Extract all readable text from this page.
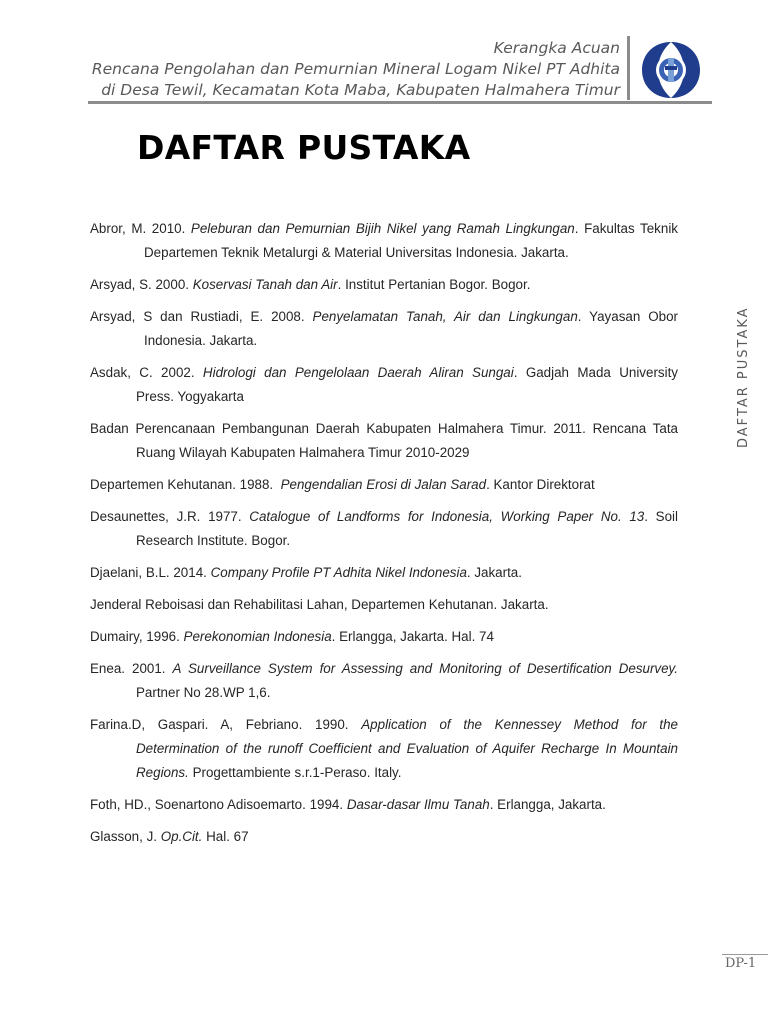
Kerangka Acuan
Rencana Pengolahan dan Pemurnian Mineral Logam Nikel PT Adhita
di Desa Tewil, Kecamatan Kota Maba, Kabupaten Halmahera Timur
DAFTAR PUSTAKA
DAFTAR PUSTAKA

Abror, M. 2010. Peleburan dan Pemurnian Bijih Nikel yang Ramah Lingkungan. Fakultas Teknik
Departemen Teknik Metalurgi & Material Universitas Indonesia. Jakarta.

Arsyad, S. 2000. Koservasi Tanah dan Air. Institut Pertanian Bogor. Bogor.

Arsyad, S dan Rustiadi, E. 2008. Penyelamatan Tanah, Air dan Lingkungan. Yayasan Obor
Indonesia. Jakarta.

Asdak, C. 2002. Hidrologi dan Pengelolaan Daerah Aliran Sungai. Gadjah Mada University
Press. Yogyakarta

Badan Perencanaan Pembangunan Daerah Kabupaten Halmahera Timur. 2011. Rencana Tata
Ruang Wilayah Kabupaten Halmahera Timur 2010-2029

Departemen Kehutanan. 1988.  Pengendalian Erosi di Jalan Sarad. Kantor Direktorat

Desaunettes, J.R. 1977. Catalogue of Landforms for Indonesia, Working Paper No. 13. Soil
Research Institute. Bogor.

Djaelani, B.L. 2014. Company Profile PT Adhita Nikel Indonesia. Jakarta.

Jenderal Reboisasi dan Rehabilitasi Lahan, Departemen Kehutanan. Jakarta.

Dumairy, 1996. Perekonomian Indonesia. Erlangga, Jakarta. Hal. 74

Enea. 2001. A Surveillance System for Assessing and Monitoring of Desertification Desurvey.
Partner No 28.WP 1,6.

Farina.D, Gaspari. A, Febriano. 1990. Application of the Kennessey Method for the
Determination of the runoff Coefficient and Evaluation of Aquifer Recharge In Mountain
Regions. Progettambiente s.r.1-Peraso. Italy.

Foth, HD., Soenartono Adisoemarto. 1994. Dasar-dasar Ilmu Tanah. Erlangga, Jakarta.

Glasson, J. Op.Cit. Hal. 67

DP-1
